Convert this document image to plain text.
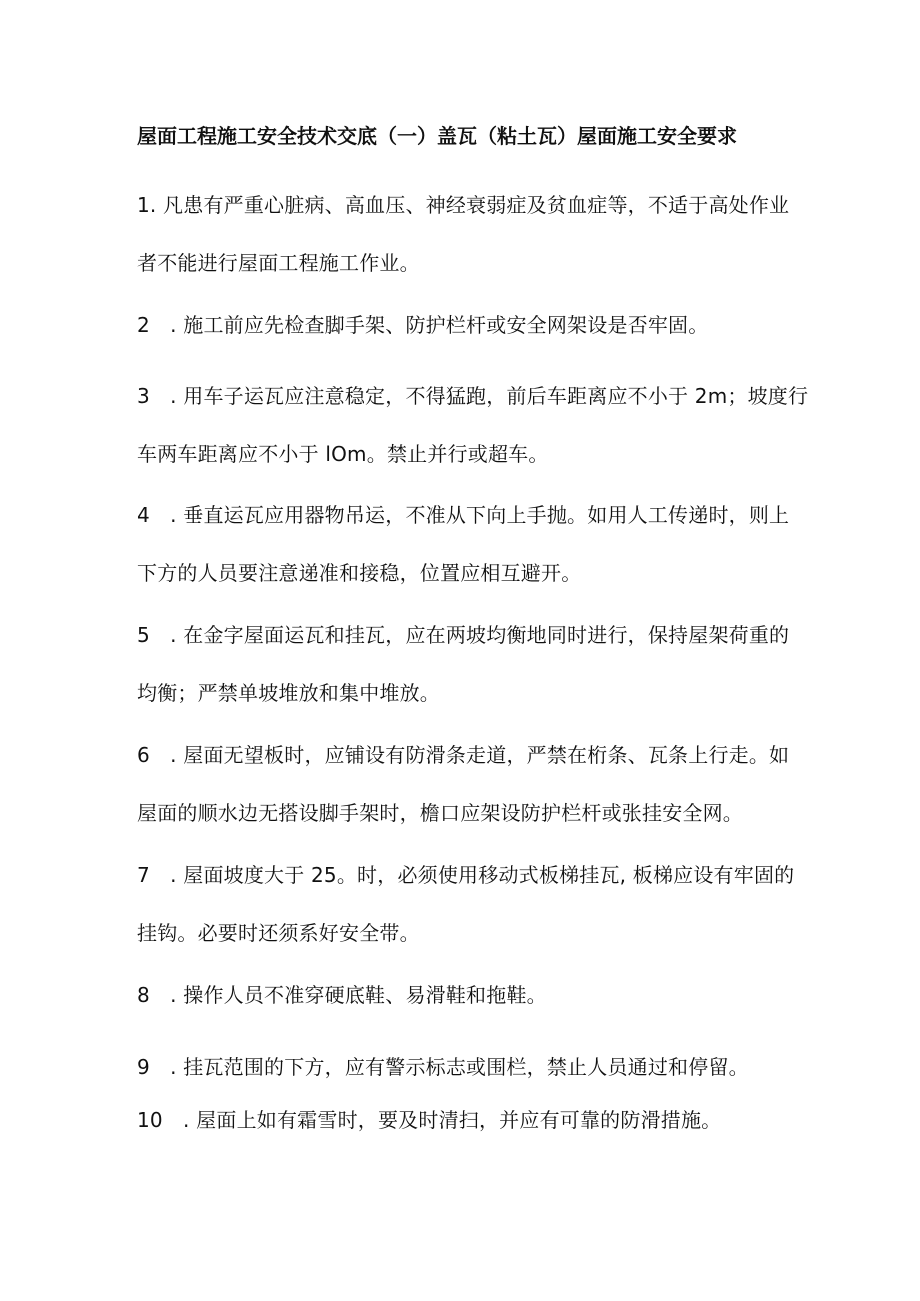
屋面工程施工安全技术交底（一）盖瓦（粘土瓦）屋面施工安全要求
1. 凡患有严重心脏病、高血压、神经衰弱症及贫血症等，不适于高处作业
者不能进行屋面工程施工作业。
2　. 施工前应先检查脚手架、防护栏杆或安全网架设是否牢固。
3　. 用车子运瓦应注意稳定，不得猛跑，前后车距离应不小于 2m；坡度行
车两车距离应不小于 lOm。禁止并行或超车。
4　. 垂直运瓦应用器物吊运，不准从下向上手抛。如用人工传递时，则上
下方的人员要注意递准和接稳，位置应相互避开。
5　. 在金字屋面运瓦和挂瓦，应在两坡均衡地同时进行，保持屋架荷重的
均衡；严禁单坡堆放和集中堆放。
6　. 屋面无望板时，应铺设有防滑条走道，严禁在桁条、瓦条上行走。如
屋面的顺水边无搭设脚手架时，檐口应架设防护栏杆或张挂安全网。
7　. 屋面坡度大于 25。时，必须使用移动式板梯挂瓦, 板梯应设有牢固的
挂钩。必要时还须系好安全带。
8　. 操作人员不准穿硬底鞋、易滑鞋和拖鞋。
9　. 挂瓦范围的下方，应有警示标志或围栏，禁止人员通过和停留。
10　. 屋面上如有霜雪时，要及时清扫，并应有可靠的防滑措施。
